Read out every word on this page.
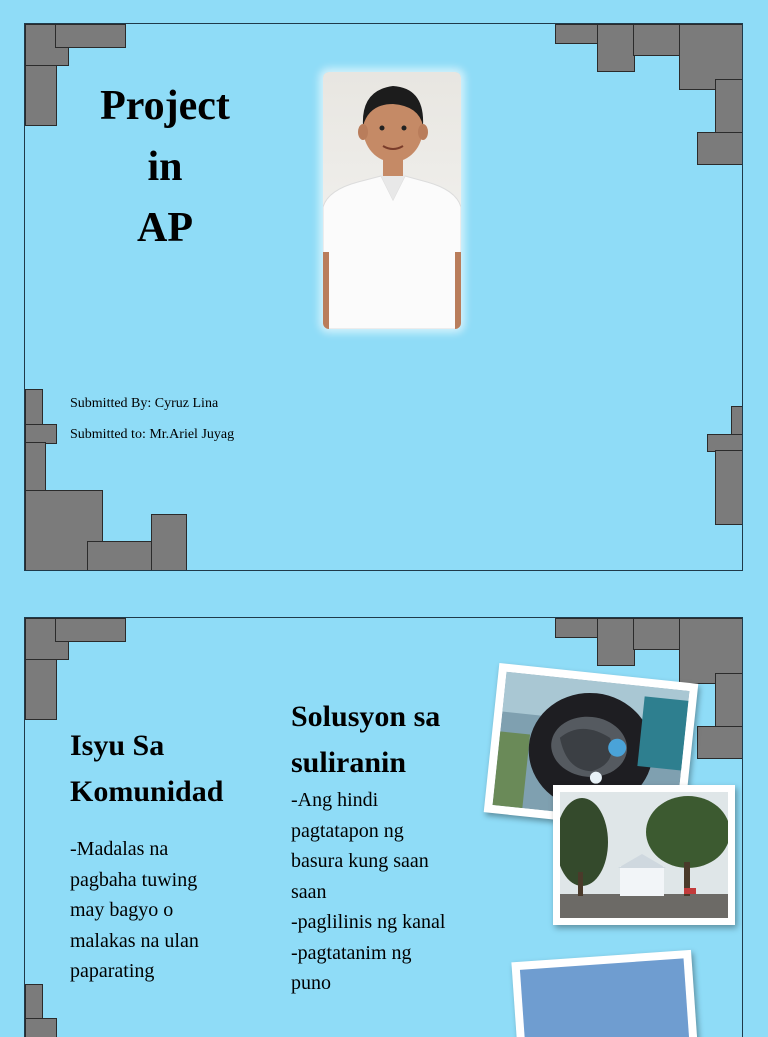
Project
in
AP

Submitted By: Cyruz Lina

Submitted to: Mr.Ariel Juyag

Isyu Sa
Komunidad
-Madalas na
pagbaha tuwing
may bagyo o
malakas na ulan
paparating
Solusyon sa
suliranin
-Ang hindi
pagtatapon ng
basura kung saan
saan
-paglilinis ng kanal
-pagtatanim ng
puno
